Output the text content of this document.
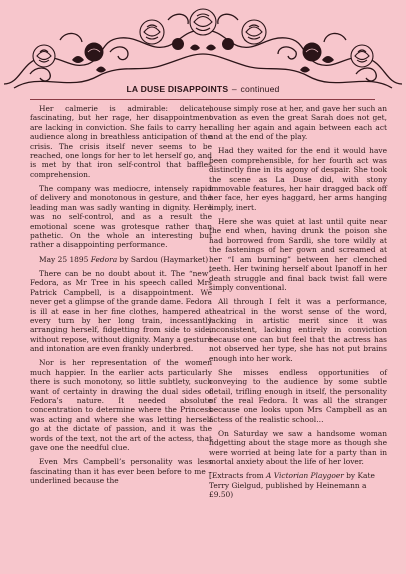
LA DUSE DISAPPOINTS – continued

Her calmerie is admirable: delicate, fascinating, but her rage, her disappointment are lacking in conviction. She fails to carry her audience along in breathless anticipation of the crisis. The crisis itself never seems to be reached, one longs for her to let herself go, and is met by that iron self-control that baffles comprehension.

The company was mediocre, intensely rapid of delivery and monotonous in gesture, and the leading man was sadly wanting in dignity. Here was no self-control, and as a result the emotional scene was grotesque rather than pathetic. On the whole an interesting but rather a disappointing performance.

May 25 1895 Fedora by Sardou (Haymarket)

There can be no doubt about it. The “new” Fedora, as Mr Tree in his speech called Mrs Patrick Campbell, is a disappointment. We never get a glimpse of the grande dame. Fedora is ill at ease in her fine clothes, hampered at every turn by her long train, incessantly arranging herself, fidgetting from side to side, without repose, without dignity. Many a gesture and intonation are even frankly underbred.

Nor is her representation of the women much happier. In the earlier acts particularly there is such monotony, so little subtlety, such want of certainty in drawing the dual sides of Fedora’s nature. It needed absolute concentration to determine where the Princess was acting and where she was letting herself go at the dictate of passion, and it was the words of the text, not the art of the actess, that gave one the needful clue.

Even Mrs Campbell’s personality was less fascinating than it has ever been before to me – underlined because the

house simply rose at her, and gave her such an ovation as even the great Sarah does not get, calling her again and again between each act and at the end of the play.

Had they waited for the end it would have been comprehensible, for her fourth act was distinctly fine in its agony of despair. She took the scene as La Duse did, with stony immovable features, her hair dragged back off her face, her eyes haggard, her arms hanging limply, inert.

Here she was quiet at last until quite near the end when, having drunk the poison she had borrowed from Sardli, she tore wildly at the fastenings of her gown and screamed at her “I am burning” between her clenched teeth. Her twining herself about Ipanoff in her death struggle and final back twist fall were simply conventional.

All through I felt it was a performance, theatrical in the worst sense of the word, lacking in artistic merit since it was inconsistent, lacking entirely in conviction because one can but feel that the actress has not observed her type, she has not put brains enough into her work.

She misses endless opportunities of conveying to the audience by some subtle detail, trifling enough in itself, the personality of the real Fedora. It was all the stranger because one looks upon Mrs Campbell as an actess of the realistic school…

On Saturday we saw a handsome woman fidgetting about the stage more as though she were worried at being late for a party than in mortal anxiety about the life of her lover.

[Extracts from A Victorian Playgoer by Kate Terry Gielgud, published by Heinemann a £9.50)
